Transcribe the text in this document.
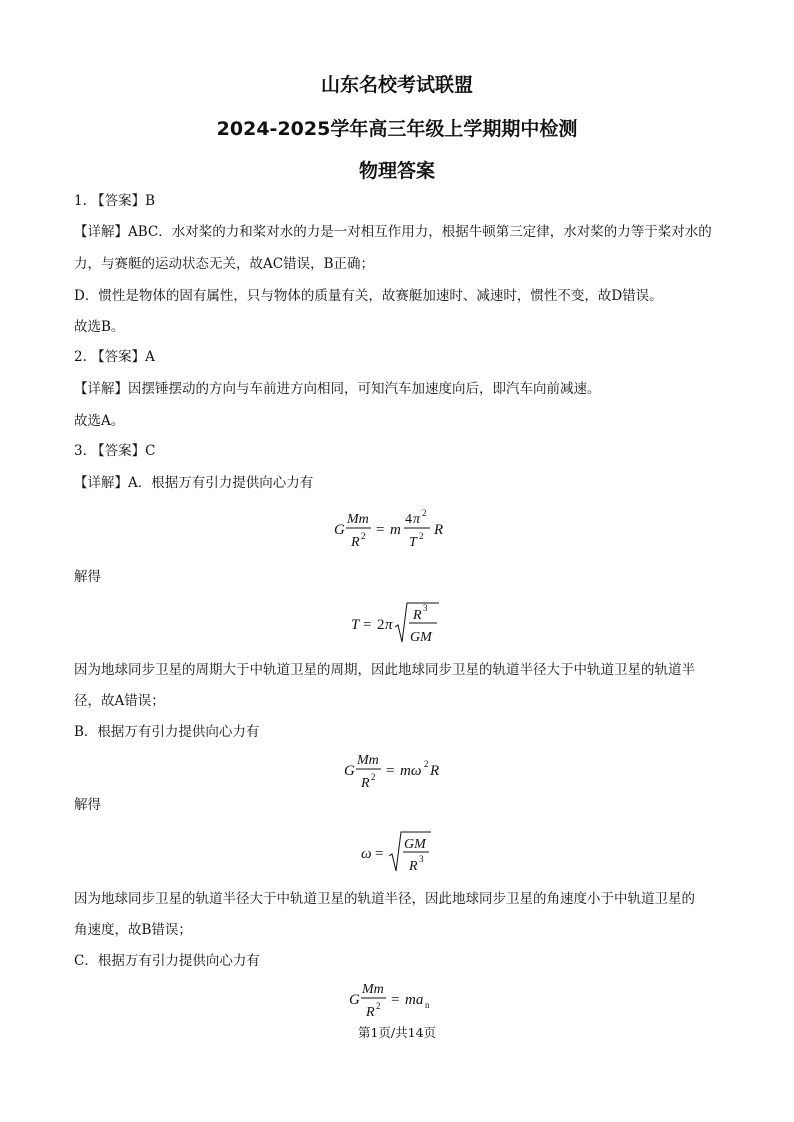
山东名校考试联盟
2024-2025学年高三年级上学期期中检测
物理答案
1. 【答案】B
【详解】ABC．水对桨的力和桨对水的力是一对相互作用力，根据牛顿第三定律，水对桨的力等于桨对水的
力，与赛艇的运动状态无关，故AC错误，B正确；
D．惯性是物体的固有属性，只与物体的质量有关，故赛艇加速时、减速时，惯性不变，故D错误。
故选B。
2. 【答案】A
【详解】因摆锤摆动的方向与车前进方向相同，可知汽车加速度向后，即汽车向前减速。
故选A。
3. 【答案】C
【详解】A．根据万有引力提供向心力有
G
Mm
R 2 = m
4 π 2
T 2 R
解得
T = 2 π
R 3
GM
因为地球同步卫星的周期大于中轨道卫星的周期，因此地球同步卫星的轨道半径大于中轨道卫星的轨道半
径，故A错误；
B．根据万有引力提供向心力有
G
Mm
R 2 = mω 2 R
解得
ω =
GM
R 3
因为地球同步卫星的轨道半径大于中轨道卫星的轨道半径，因此地球同步卫星的角速度小于中轨道卫星的
角速度，故B错误；
C．根据万有引力提供向心力有
G
Mm
R 2 = ma n
第1页/共14页
